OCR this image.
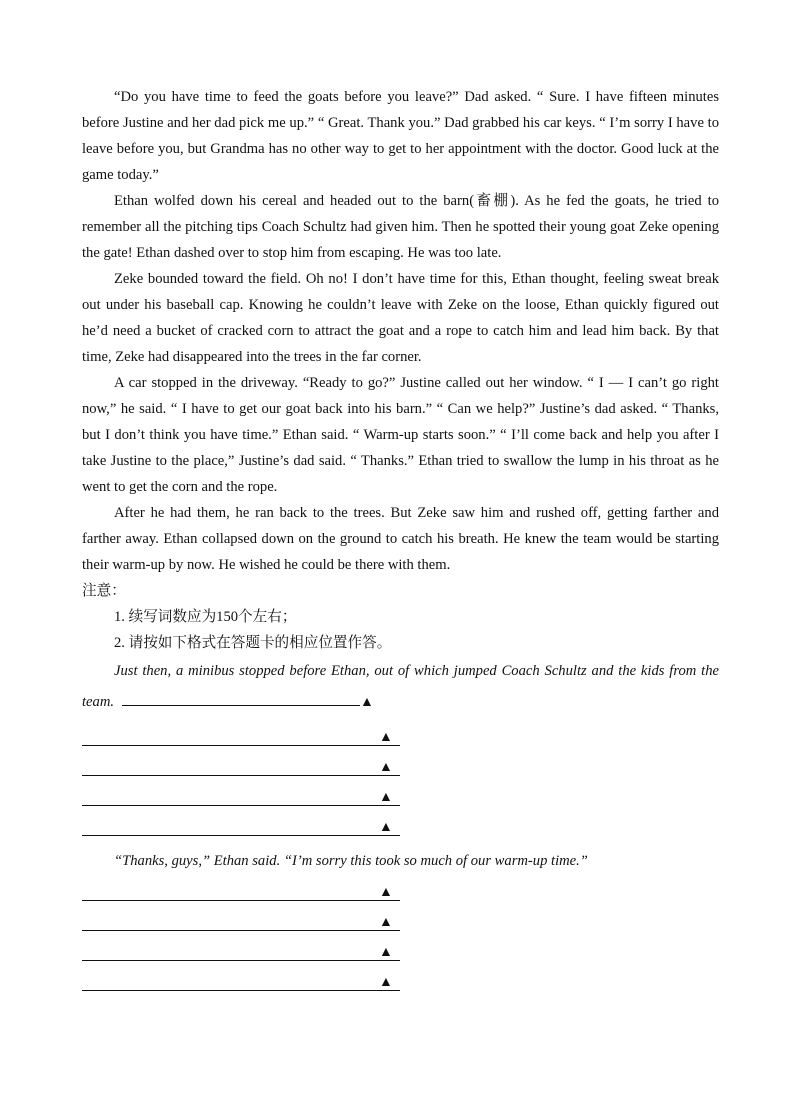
“Do you have time to feed the goats before you leave?” Dad asked. “ Sure. I have fifteen minutes before Justine and her dad pick me up.” “ Great. Thank you.” Dad grabbed his car keys. “ I’m sorry I have to leave before you, but Grandma has no other way to get to her appointment with the doctor. Good luck at the game today.”

Ethan wolfed down his cereal and headed out to the barn(畜棚). As he fed the goats, he tried to remember all the pitching tips Coach Schultz had given him. Then he spotted their young goat Zeke opening the gate! Ethan dashed over to stop him from escaping. He was too late.

Zeke bounded toward the field. Oh no! I don’t have time for this, Ethan thought, feeling sweat break out under his baseball cap. Knowing he couldn’t leave with Zeke on the loose, Ethan quickly figured out he’d need a bucket of cracked corn to attract the goat and a rope to catch him and lead him back. By that time, Zeke had disappeared into the trees in the far corner.

A car stopped in the driveway. “Ready to go?” Justine called out her window. “ I — I can’t go right now,” he said. “ I have to get our goat back into his barn.” “ Can we help?” Justine’s dad asked. “ Thanks, but I don’t think you have time.” Ethan said. “ Warm-up starts soon.” “ I’ll come back and help you after I take Justine to the place,” Justine’s dad said. “ Thanks.” Ethan tried to swallow the lump in his throat as he went to get the corn and the rope.

After he had them, he ran back to the trees. But Zeke saw him and rushed off, getting farther and farther away. Ethan collapsed down on the ground to catch his breath. He knew the team would be starting their warm-up by now. He wished he could be there with them.

注意：

1. 续写词数应为150个左右；

2. 请按如下格式在答题卡的相应位置作答。

Just then, a minibus stopped before Ethan, out of which jumped Coach Schultz and the kids from the team.	▲

▲
▲
▲
▲

“Thanks, guys,” Ethan said. “I’m sorry this took so much of our warm-up time.”

▲
▲
▲
▲
